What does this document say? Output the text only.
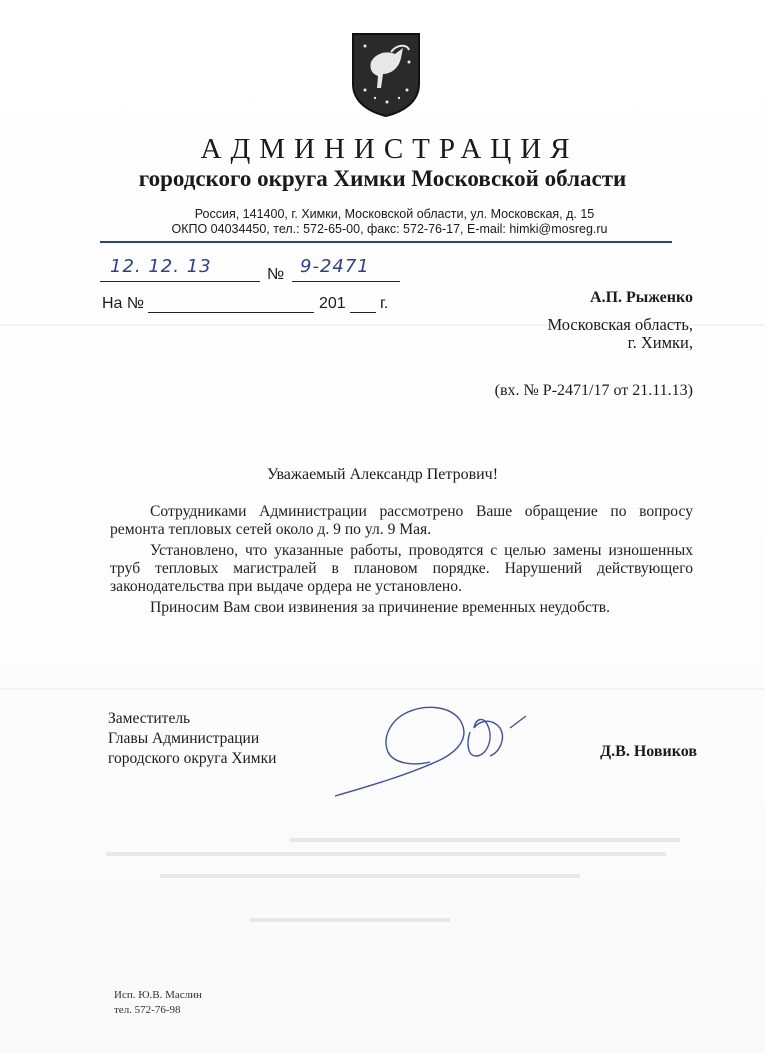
АДМИНИСТРАЦИЯ
городского округа Химки Московской области
Россия, 141400, г. Химки, Московской области, ул. Московская, д. 15
ОКПО 04034450, тел.: 572-65-00, факс: 572-76-17, E-mail: himki@mosreg.ru
12. 12. 13	№ 9-2471
На №	201 г.	А.П. Рыженко
Московская область,
г. Химки,
(вх. № Р-2471/17 от 21.11.13)
Уважаемый Александр Петрович!

Сотрудниками Администрации рассмотрено Ваше обращение по вопросу ремонта тепловых сетей около д. 9 по ул. 9 Мая.

Установлено, что указанные работы, проводятся с целью замены изношенных труб тепловых магистралей в плановом порядке. Нарушений действующего законодательства при выдаче ордера не установлено.

Приносим Вам свои извинения за причинение временных неудобств.

Заместитель
Главы Администрации
городского округа Химки	Д.В. Новиков
Исп. Ю.В. Маслин
тел. 572-76-98
